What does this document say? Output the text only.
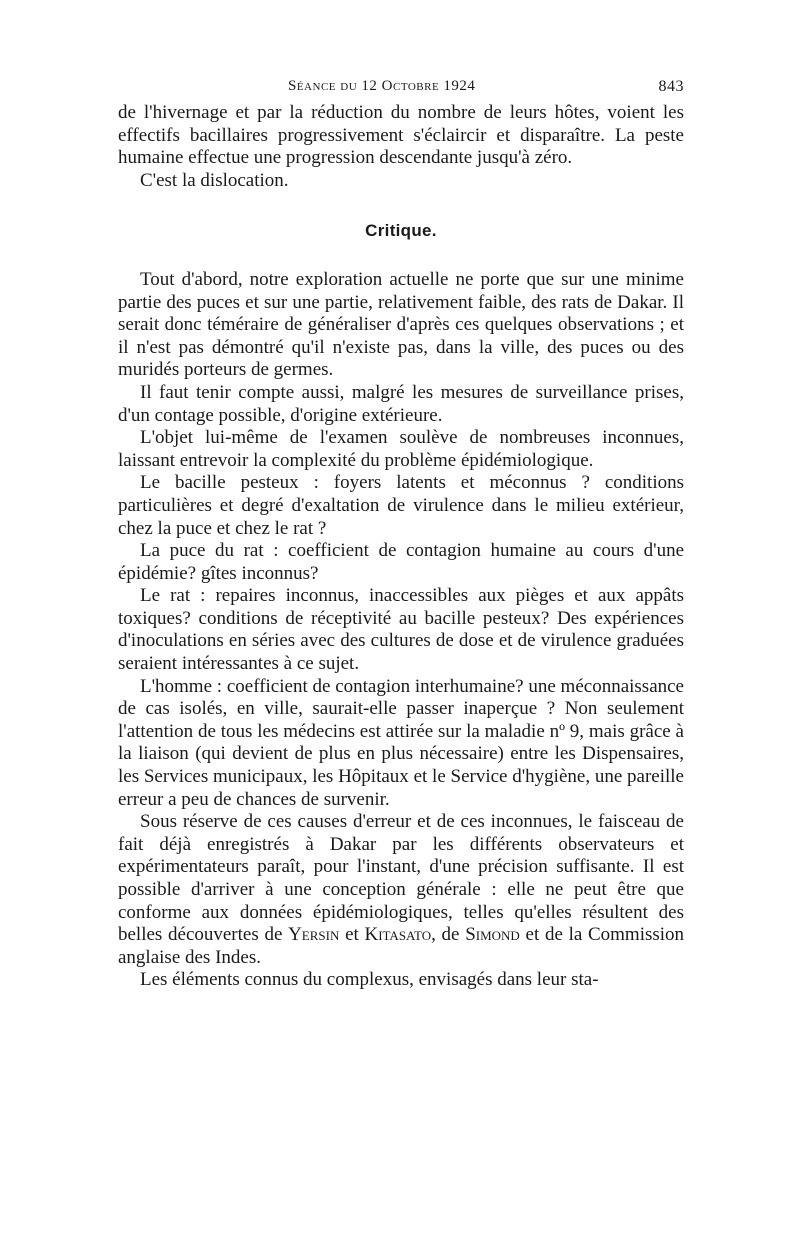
Séance du 12 Octobre 1924	843

de l'hivernage et par la réduction du nombre de leurs hôtes, voient les effectifs bacillaires progressivement s'éclaircir et disparaître. La peste humaine effectue une progression descendante jusqu'à zéro.

C'est la dislocation.

Critique.

Tout d'abord, notre exploration actuelle ne porte que sur une minime partie des puces et sur une partie, relativement faible, des rats de Dakar. Il serait donc téméraire de généraliser d'après ces quelques observations ; et il n'est pas démontré qu'il n'existe pas, dans la ville, des puces ou des muridés porteurs de germes.

Il faut tenir compte aussi, malgré les mesures de surveillance prises, d'un contage possible, d'origine extérieure.

L'objet lui-même de l'examen soulève de nombreuses inconnues, laissant entrevoir la complexité du problème épidémiologique.

Le bacille pesteux : foyers latents et méconnus ? conditions particulières et degré d'exaltation de virulence dans le milieu extérieur, chez la puce et chez le rat ?

La puce du rat : coefficient de contagion humaine au cours d'une épidémie? gîtes inconnus?

Le rat : repaires inconnus, inaccessibles aux pièges et aux appâts toxiques? conditions de réceptivité au bacille pesteux? Des expériences d'inoculations en séries avec des cultures de dose et de virulence graduées seraient intéressantes à ce sujet.

L'homme : coefficient de contagion interhumaine? une méconnaissance de cas isolés, en ville, saurait-elle passer inaperçue ? Non seulement l'attention de tous les médecins est attirée sur la maladie nº 9, mais grâce à la liaison (qui devient de plus en plus nécessaire) entre les Dispensaires, les Services municipaux, les Hôpitaux et le Service d'hygiène, une pareille erreur a peu de chances de survenir.

Sous réserve de ces causes d'erreur et de ces inconnues, le faisceau de fait déjà enregistrés à Dakar par les différents observateurs et expérimentateurs paraît, pour l'instant, d'une précision suffisante. Il est possible d'arriver à une conception générale : elle ne peut être que conforme aux données épidémiologiques, telles qu'elles résultent des belles découvertes de Yersin et Kitasato, de Simond et de la Commission anglaise des Indes.

Les éléments connus du complexus, envisagés dans leur sta-
